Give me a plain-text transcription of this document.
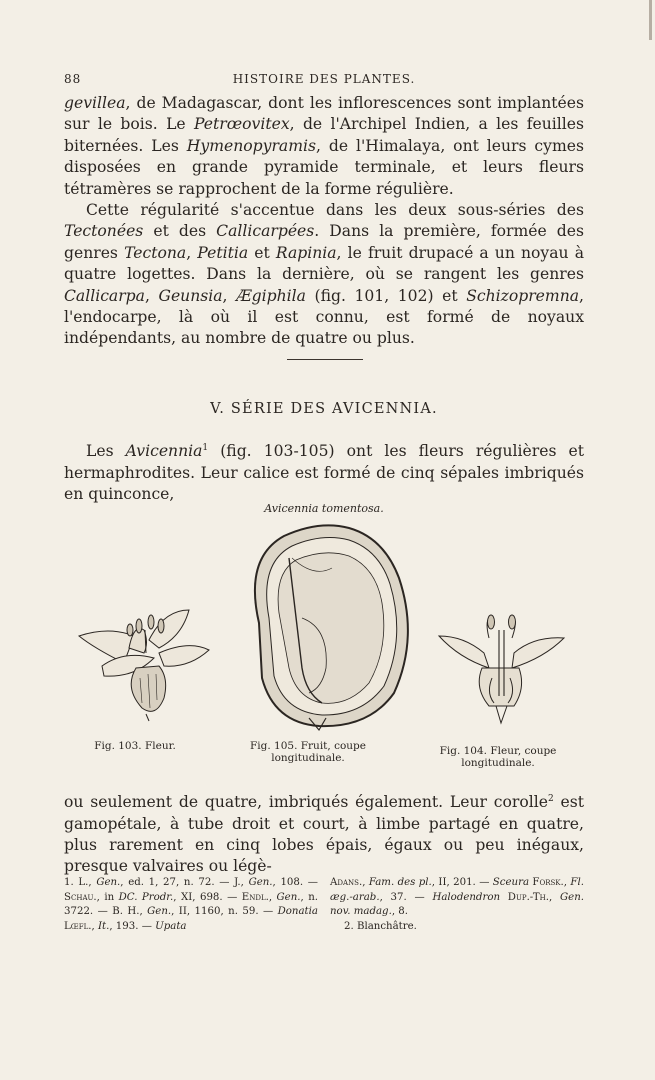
88	HISTOIRE DES PLANTES.

gevillea, de Madagascar, dont les inflorescences sont implantées sur le bois. Le Petrœovitex, de l'Archipel Indien, a les feuilles biternées. Les Hymenopyramis, de l'Himalaya, ont leurs cymes disposées en grande pyramide terminale, et leurs fleurs tétramères se rapprochent de la forme régulière.

Cette régularité s'accentue dans les deux sous-séries des Tectonées et des Callicarpées. Dans la première, formée des genres Tectona, Petitia et Rapinia, le fruit drupacé a un noyau à quatre logettes. Dans la dernière, où se rangent les genres Callicarpa, Geunsia, Ægiphila (fig. 101, 102) et Schizopremna, l'endocarpe, là où il est connu, est formé de noyaux indépendants, au nombre de quatre ou plus.

V. SÉRIE DES AVICENNIA.

Les Avicennia$^1$ (fig. 103-105) ont les fleurs régulières et hermaphrodites. Leur calice est formé de cinq sépales imbriqués en quinconce,

Avicennia tomentosa.
Fig. 103. Fleur.	Fig. 105. Fruit, coupe
longitudinale.
Fig. 104. Fleur, coupe
longitudinale.

ou seulement de quatre, imbriqués également. Leur corolle$^2$ est gamopétale, à tube droit et court, à limbe partagé en quatre, plus rarement en cinq lobes épais, égaux ou peu inégaux, presque valvaires ou légè-

1. L., Gen., ed. 1, 27, n. 72. — J., Gen., 108. — Schau., in DC. Prodr., XI, 698. — Endl., Gen., n. 3722. — B. H., Gen., II, 1160, n. 59. — Donatia Lœfl., It., 193. — Upata
Adans., Fam. des pl., II, 201. — Sceura Forsk., Fl. æg.-arab., 37. — Halodendron Dup.-Th., Gen. nov. madag., 8.
2. Blanchâtre.
